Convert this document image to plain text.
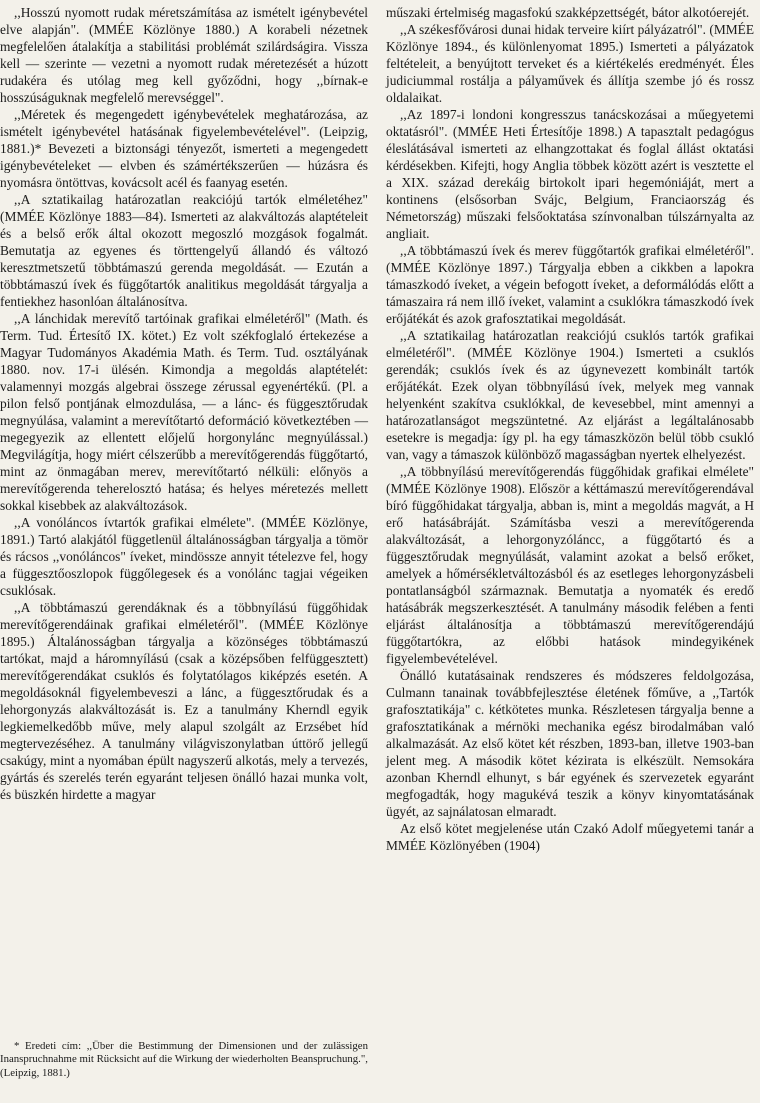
,,Hosszú nyomott rudak méretszámítása az ismételt igénybevétel elve alapján". (MMÉE Közlönye 1880.) A korabeli nézetnek megfelelően átalakítja a stabilitási problémát szilárdságira. Vissza kell — szerinte — vezetni a nyomott rudak méretezését a húzott rudakéra és utólag meg kell győződni, hogy ,,bírnak-e hosszúságuknak megfelelő merevséggel".

,,Méretek és megengedett igénybevételek meghatározása, az ismételt igénybevétel hatásának figyelembevételével". (Leipzig, 1881.)* Bevezeti a biztonsági tényezőt, ismerteti a megengedett igénybevételeket — elvben és számértékszerűen — húzásra és nyomásra öntöttvas, kovácsolt acél és faanyag esetén.

,,A sztatikailag határozatlan reakciójú tartók elméletéhez" (MMÉE Közlönye 1883—84). Ismerteti az alakváltozás alaptételeit és a belső erők által okozott megoszló mozgások fogalmát. Bemutatja az egyenes és törttengelyű állandó és változó keresztmetszetű többtámaszú gerenda megoldását. — Ezután a többtámaszú ívek és függőtartók analitikus megoldását tárgyalja a fentiekhez hasonlóan általánosítva.

,,A lánchidak merevítő tartóinak grafikai elméletéről" (Math. és Term. Tud. Értesítő IX. kötet.) Ez volt székfoglaló értekezése a Magyar Tudományos Akadémia Math. és Term. Tud. osztályának 1880. nov. 17-i ülésén. Kimondja a megoldás alaptételét: valamennyi mozgás algebrai összege zérussal egyenértékű. (Pl. a pilon felső pontjának elmozdulása, — a lánc- és függesztőrudak megnyúlása, valamint a merevítőtartó deformáció következtében — megegyezik az ellentett előjelű horgonylánc megnyúlással.) Megvilágítja, hogy miért célszerűbb a merevítőgerendás függőtartó, mint az önmagában merev, merevítőtartó nélküli: előnyös a merevítőgerenda teherelosztó hatása; és helyes méretezés mellett sokkal kisebbek az alakváltozások.

,,A vonóláncos ívtartók grafikai elmélete". (MMÉE Közlönye, 1891.) Tartó alakjától függetlenül általánosságban tárgyalja a tömör és rácsos ,,vonóláncos" íveket, mindössze annyit tételezve fel, hogy a függesztőoszlopok függőlegesek és a vonólánc tagjai végeiken csuklósak.

,,A többtámaszú gerendáknak és a többnyílású függőhidak merevítőgerendáinak grafikai elméletéről". (MMÉE Közlönye 1895.) Általánosságban tárgyalja a közönséges többtámaszú tartókat, majd a háromnyílású (csak a középsőben felfüggesztett) merevítőgerendákat csuklós és folytatólagos kiképzés esetén. A megoldásoknál figyelembeveszi a lánc, a függesztőrudak és a lehorgonyzás alakváltozását is. Ez a tanulmány Kherndl egyik legkiemelkedőbb műve, mely alapul szolgált az Erzsébet híd megtervezéséhez. A tanulmány világviszonylatban úttörő jellegű csakúgy, mint a nyomában épült nagyszerű alkotás, mely a tervezés, gyártás és szerelés terén egyaránt teljesen önálló hazai munka volt, és büszkén hirdette a magyar

* Eredeti cím: ,,Über die Bestimmung der Dimensionen und der zulässigen Inanspruchnahme mit Rücksicht auf die Wirkung der wiederholten Beanspruchung.", (Leipzig, 1881.)

műszaki értelmiség magasfokú szakképzettségét, bátor alkotóerejét.

,,A székesfővárosi dunai hidak terveire kiírt pályázatról". (MMÉE Közlönye 1894., és különlenyomat 1895.) Ismerteti a pályázatok feltételeit, a benyújtott terveket és a kiértékelés eredményét. Éles judiciummal rostálja a pályaművek és állítja szembe jó és rossz oldalaikat.

,,Az 1897-i londoni kongresszus tanácskozásai a műegyetemi oktatásról". (MMÉE Heti Értesítője 1898.) A tapasztalt pedagógus éleslátásával ismerteti az elhangzottakat és foglal állást oktatási kérdésekben. Kifejti, hogy Anglia többek között azért is vesztette el a XIX. század derekáig birtokolt ipari hegemóniáját, mert a kontinens (elsősorban Svájc, Belgium, Franciaország és Németország) műszaki felsőoktatása színvonalban túlszárnyalta az angliait.

,,A többtámaszú ívek és merev függőtartók grafikai elméletéről". (MMÉE Közlönye 1897.) Tárgyalja ebben a cikkben a lapokra támaszkodó íveket, a végein befogott íveket, a deformálódás előtt a támaszaira rá nem illő íveket, valamint a csuklókra támaszkodó ívek erőjátékát és azok grafosztatikai megoldását.

,,A sztatikailag határozatlan reakciójú csuklós tartók grafikai elméletéről". (MMÉE Közlönye 1904.) Ismerteti a csuklós gerendák; csuklós ívek és az úgynevezett kombinált tartók erőjátékát. Ezek olyan többnyílású ívek, melyek meg vannak helyenként szakítva csuklókkal, de kevesebbel, mint amennyi a határozatlanságot megszüntetné. Az eljárást a legáltalánosabb esetekre is megadja: így pl. ha egy támaszközön belül több csukló van, vagy a támaszok különböző magasságban nyertek elhelyezést.

,,A többnyílású merevítőgerendás függőhidak grafikai elmélete" (MMÉE Közlönye 1908). Először a kéttámaszú merevítőgerendával bíró függőhidakat tárgyalja, abban is, mint a megoldás magvát, a H erő hatásábráját. Számításba veszi a merevítőgerenda alakváltozását, a lehorgonyzóláncc, a függőtartó és a függesztőrudak megnyúlását, valamint azokat a belső erőket, amelyek a hőmérsékletváltozásból és az esetleges lehorgonyzásbeli pontatlanságból származnak. Bemutatja a nyomaték és eredő hatásábrák megszerkesztését. A tanulmány második felében a fenti eljárást általánosítja a többtámaszú merevítőgerendájú függőtartókra, az előbbi hatások mindegyikének figyelembevételével.

Önálló kutatásainak rendszeres és módszeres feldolgozása, Culmann tanainak továbbfejlesztése életének főműve, a ,,Tartók grafosztatikája" c. kétkötetes munka. Részletesen tárgyalja benne a grafosztatikának a mérnöki mechanika egész birodalmában való alkalmazását. Az első kötet két részben, 1893-ban, illetve 1903-ban jelent meg. A második kötet kézirata is elkészült. Nemsokára azonban Kherndl elhunyt, s bár egyének és szervezetek egyaránt megfogadták, hogy magukévá teszik a könyv kinyomtatásának ügyét, az sajnálatosan elmaradt.

Az első kötet megjelenése után Czakó Adolf műegyetemi tanár a MMÉE Közlönyében (1904)
